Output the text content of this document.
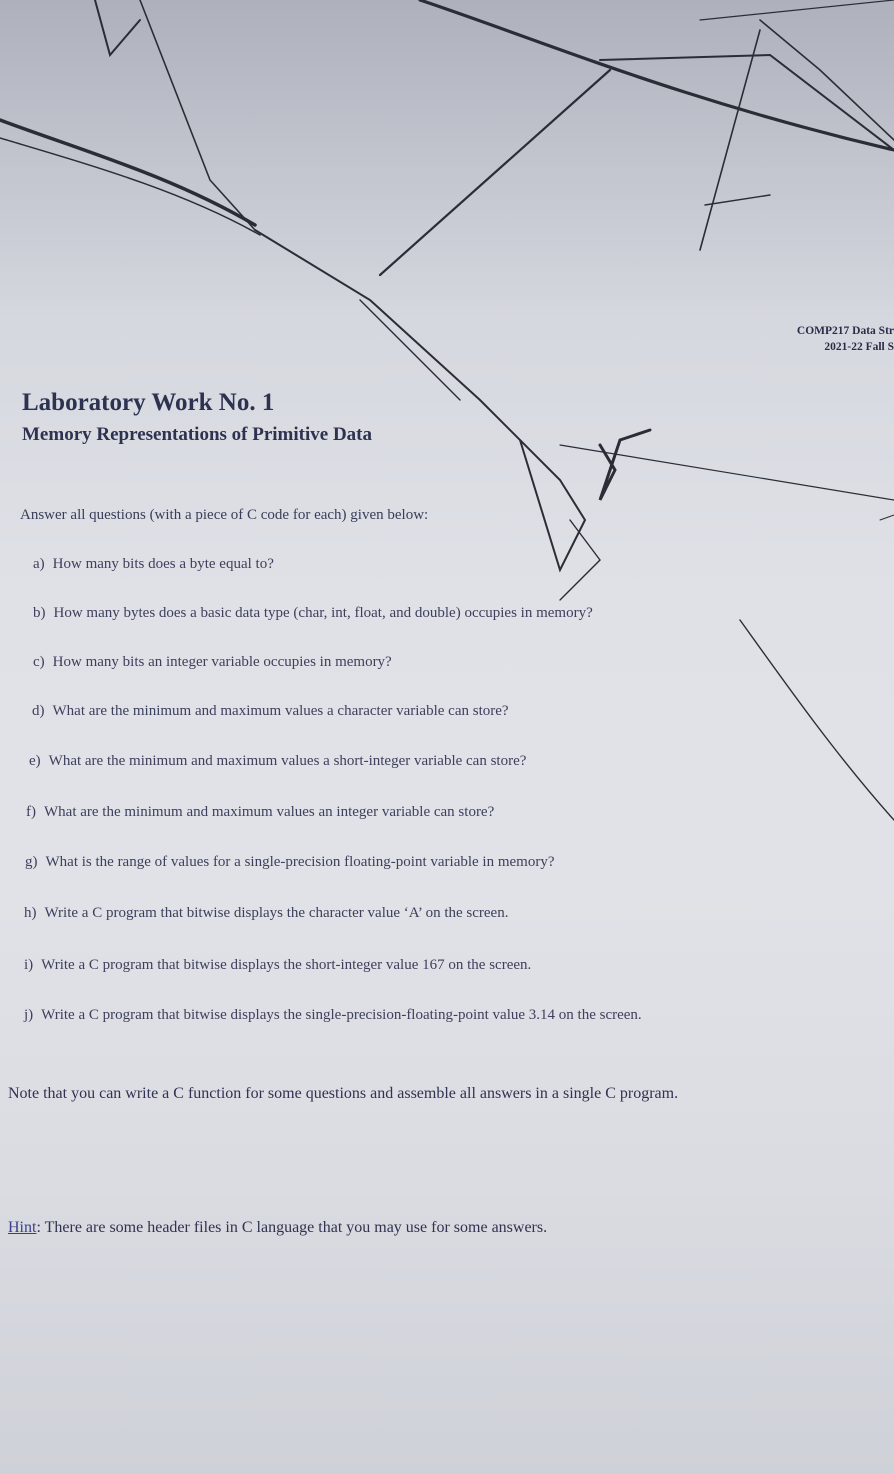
COMP217 Data Str
2021-22 Fall S
Laboratory Work No. 1
Memory Representations of Primitive Data
Answer all questions (with a piece of C code for each) given below:
a) How many bits does a byte equal to?
b) How many bytes does a basic data type (char, int, float, and double) occupies in memory?
c) How many bits an integer variable occupies in memory?
d) What are the minimum and maximum values a character variable can store?
e) What are the minimum and maximum values a short-integer variable can store?
f) What are the minimum and maximum values an integer variable can store?
g) What is the range of values for a single-precision floating-point variable in memory?
h) Write a C program that bitwise displays the character value ‘A’ on the screen.
i) Write a C program that bitwise displays the short-integer value 167 on the screen.
j) Write a C program that bitwise displays the single-precision-floating-point value 3.14 on the screen.
Note that you can write a C function for some questions and assemble all answers in a single C program.
Hint: There are some header files in C language that you may use for some answers.
